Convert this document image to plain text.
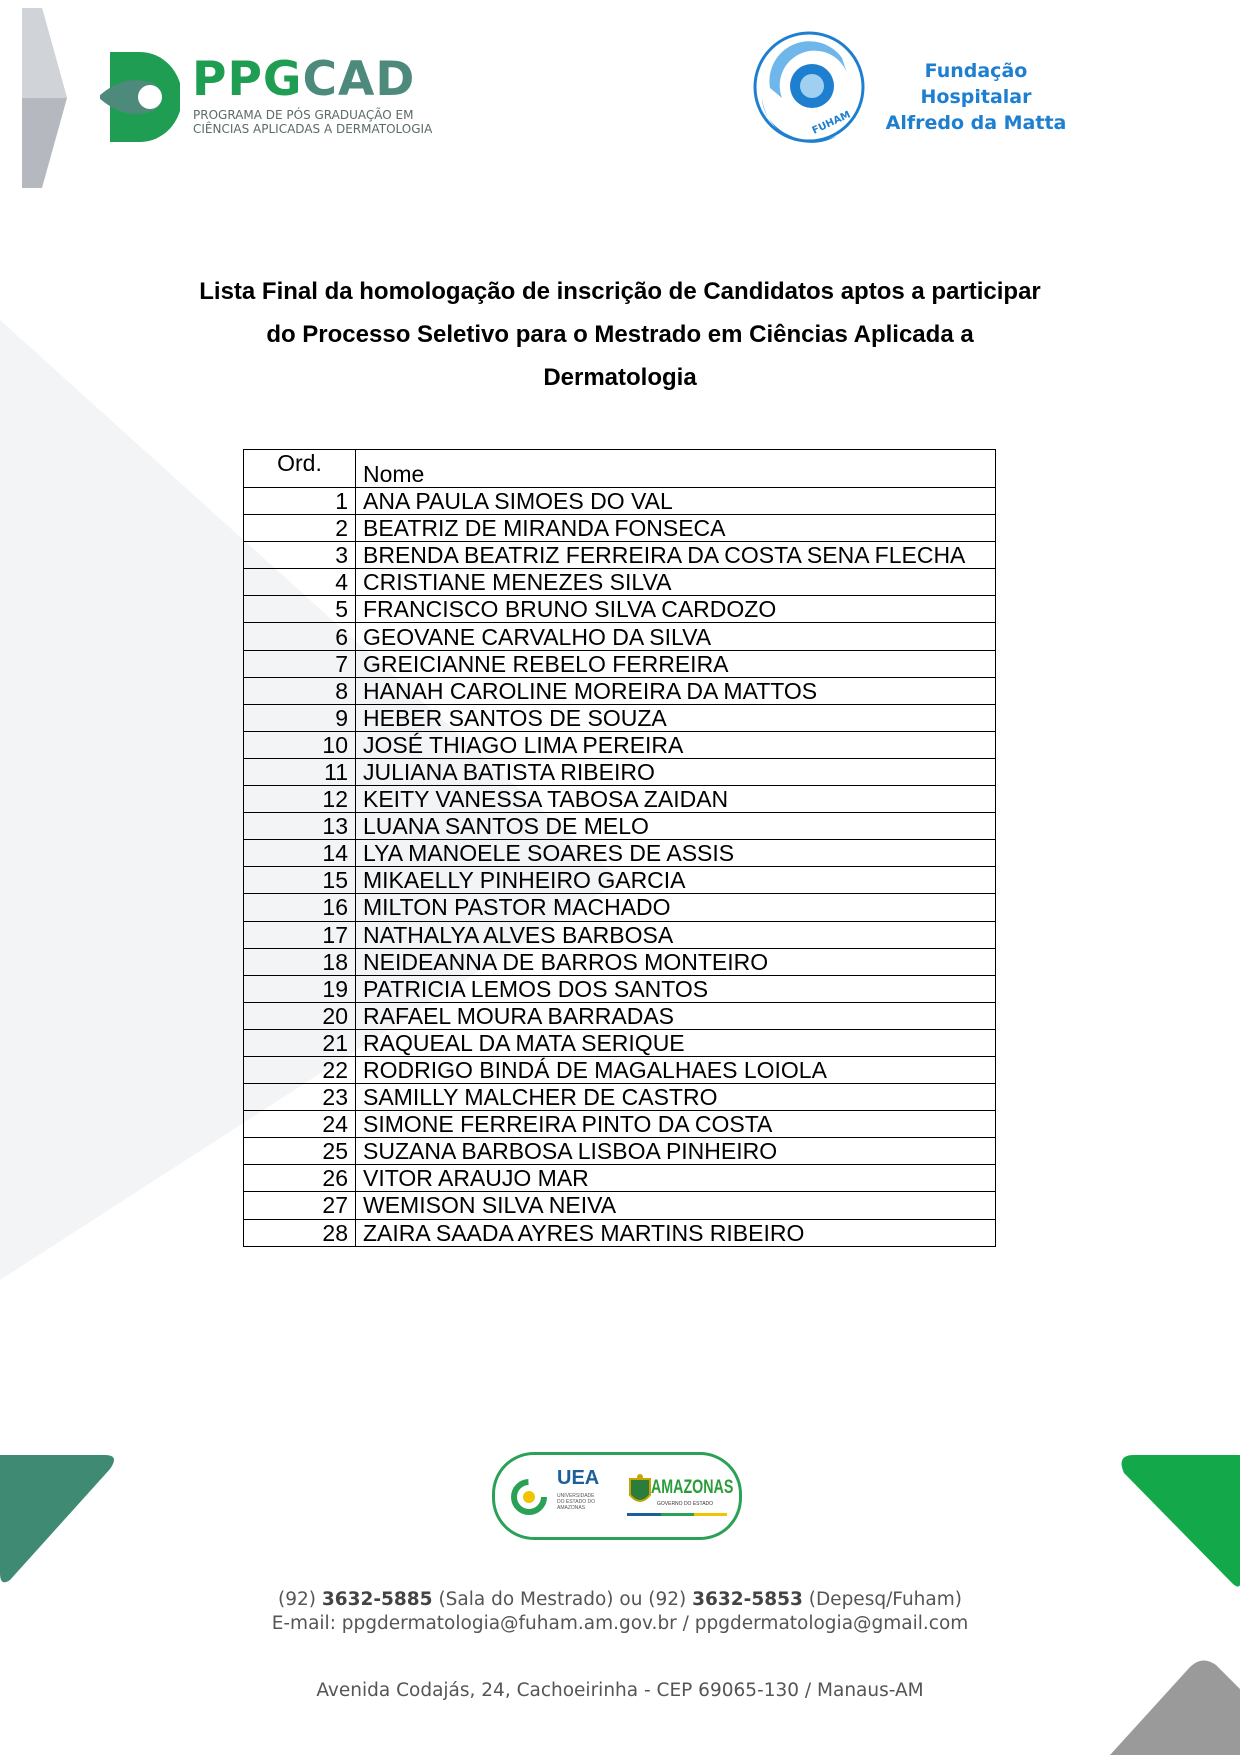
PPGCAD
PROGRAMA DE PÓS GRADUAÇÃO EM
CIÊNCIAS APLICADAS A DERMATOLOGIA	FUHAM
Fundação Hospitalar
Alfredo da Matta
Lista Final da homologação de inscrição de Candidatos aptos a participar
do Processo Seletivo para o Mestrado em Ciências Aplicada a
Dermatologia
Ord.	Nome
1	ANA PAULA SIMOES DO VAL
2	BEATRIZ DE MIRANDA FONSECA
3	BRENDA BEATRIZ FERREIRA DA COSTA SENA FLECHA
4	CRISTIANE MENEZES SILVA
5	FRANCISCO BRUNO SILVA CARDOZO
6	GEOVANE CARVALHO DA SILVA
7	GREICIANNE REBELO FERREIRA
8	HANAH CAROLINE MOREIRA DA MATTOS
9	HEBER SANTOS DE SOUZA
10	JOSÉ THIAGO LIMA PEREIRA
11	JULIANA BATISTA RIBEIRO
12	KEITY VANESSA TABOSA ZAIDAN
13	LUANA SANTOS DE MELO
14	LYA MANOELE SOARES DE ASSIS
15	MIKAELLY PINHEIRO GARCIA
16	MILTON PASTOR MACHADO
17	NATHALYA ALVES BARBOSA
18	NEIDEANNA DE BARROS MONTEIRO
19	PATRICIA LEMOS DOS SANTOS
20	RAFAEL MOURA BARRADAS
21	RAQUEAL DA MATA SERIQUE
22	RODRIGO BINDÁ DE MAGALHAES LOIOLA
23	SAMILLY MALCHER DE CASTRO
24	SIMONE FERREIRA PINTO DA COSTA
25	SUZANA BARBOSA LISBOA PINHEIRO
26	VITOR ARAUJO MAR
27	WEMISON SILVA NEIVA
28	ZAIRA SAADA AYRES MARTINS RIBEIRO
UEA
UNIVERSIDADE DO ESTADO DO AMAZONAS
AMAZONAS
GOVERNO DO ESTADO
(92) 3632-5885 (Sala do Mestrado) ou (92) 3632-5853 (Depesq/Fuham)
E-mail: ppgdermatologia@fuham.am.gov.br / ppgdermatologia@gmail.com
Avenida Codajás, 24, Cachoeirinha - CEP 69065-130 / Manaus-AM
